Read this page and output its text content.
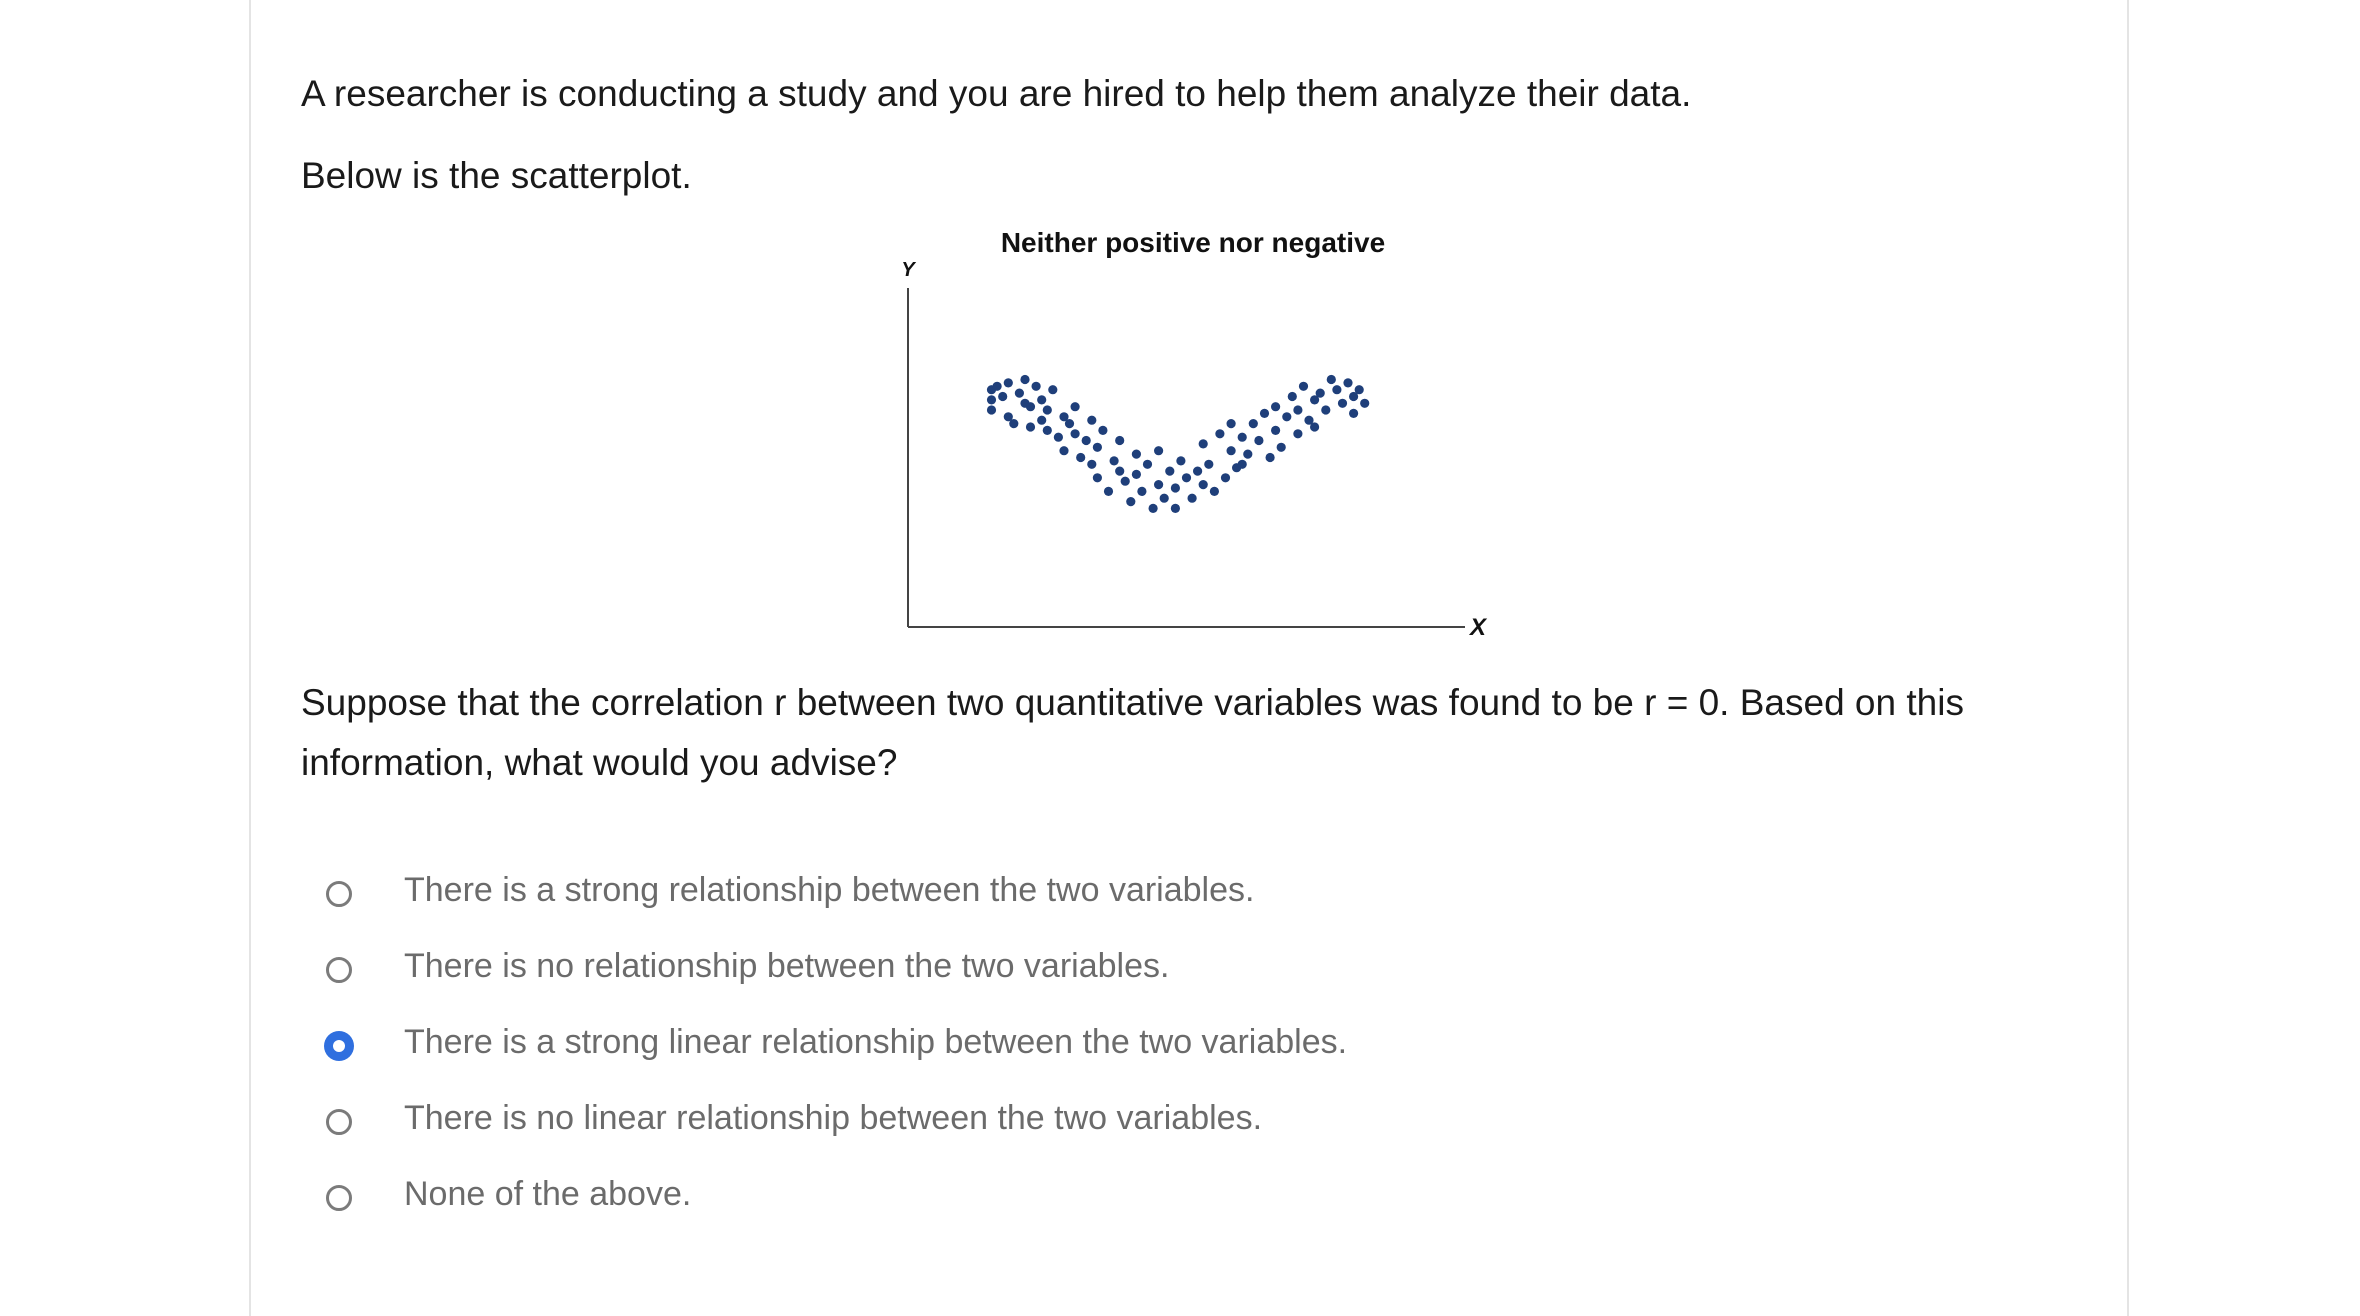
A researcher is conducting a study and you are hired to help them analyze their data.

Below is the scatterplot.

Neither positive nor negative
Y
X

Suppose that the correlation r between two quantitative variables was found to be r = 0. Based on this information, what would you advise?

There is a strong relationship between the two variables.
There is no relationship between the two variables.
There is a strong linear relationship between the two variables.
There is no linear relationship between the two variables.
None of the above.
